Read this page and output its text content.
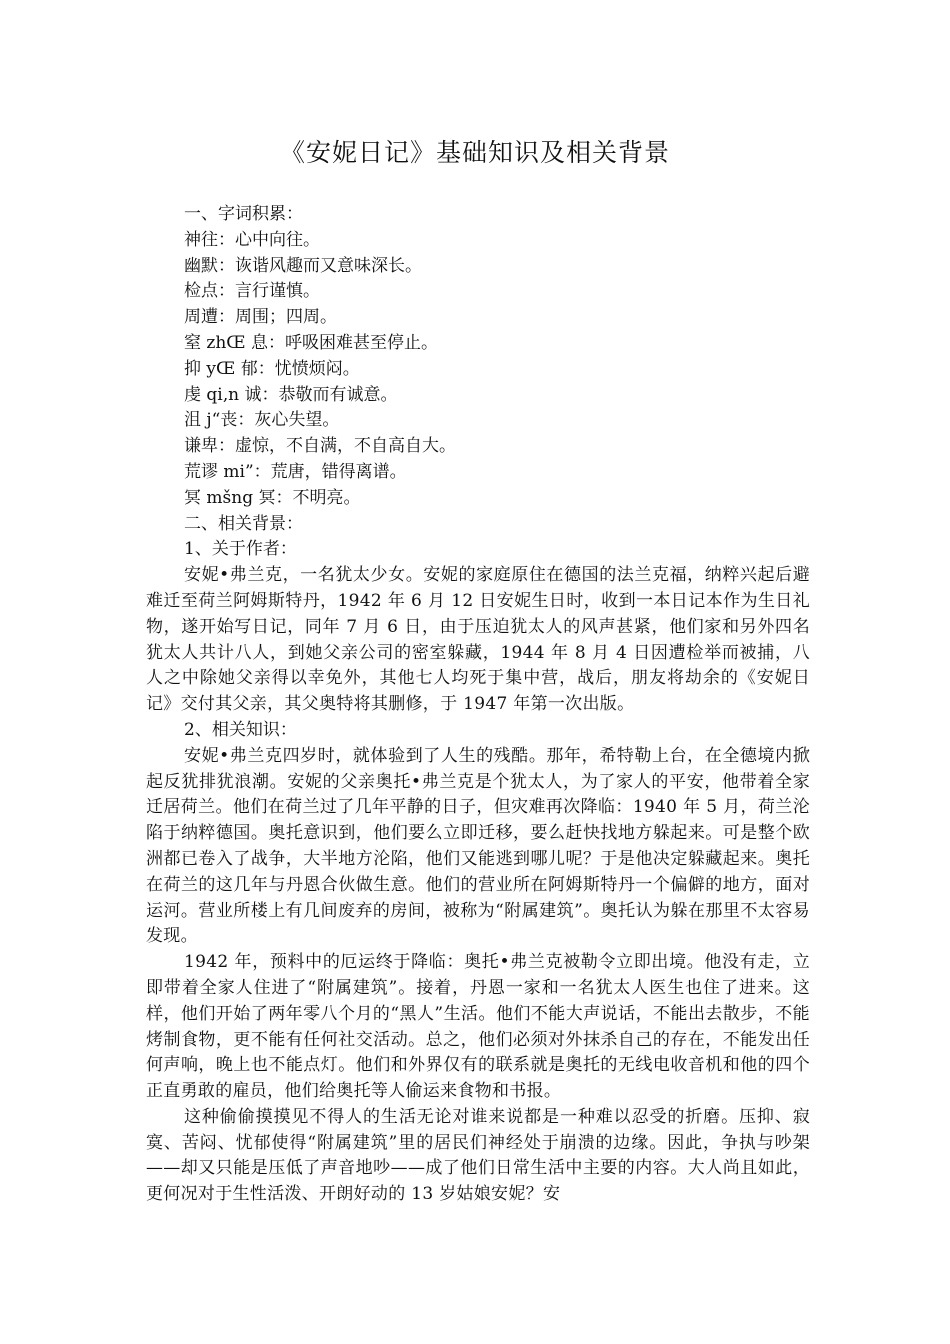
《安妮日记》基础知识及相关背景
一、字词积累：
神往：心中向往。
幽默：诙谐风趣而又意味深长。
检点：言行谨慎。
周遭：周围；四周。
窒 zhŒ 息：呼吸困难甚至停止。
抑 yŒ 郁：忧愤烦闷。
虔 qi‚n 诚：恭敬而有诚意。
沮 j“丧：灰心失望。
谦卑：虚惊，不自满，不自高自大。
荒谬 mi”：荒唐，错得离谱。
冥 mšng 冥：不明亮。
二、相关背景：
1、关于作者：

安妮•弗兰克，一名犹太少女。安妮的家庭原住在德国的法兰克福，纳粹兴起后避难迁至荷兰阿姆斯特丹，1942 年 6 月 12 日安妮生日时，收到一本日记本作为生日礼物，遂开始写日记，同年 7 月 6 日，由于压迫犹太人的风声甚紧，他们家和另外四名犹太人共计八人，到她父亲公司的密室躲藏，1944 年 8 月 4 日因遭检举而被捕，八人之中除她父亲得以幸免外，其他七人均死于集中营，战后，朋友将劫余的《安妮日记》交付其父亲，其父奥特将其删修，于 1947 年第一次出版。

2、相关知识：

安妮•弗兰克四岁时，就体验到了人生的残酷。那年，希特勒上台，在全德境内掀起反犹排犹浪潮。安妮的父亲奥托•弗兰克是个犹太人，为了家人的平安，他带着全家迁居荷兰。他们在荷兰过了几年平静的日子，但灾难再次降临：1940 年 5 月，荷兰沦陷于纳粹德国。奥托意识到，他们要么立即迁移，要么赶快找地方躲起来。可是整个欧洲都已卷入了战争，大半地方沦陷，他们又能逃到哪儿呢？于是他决定躲藏起来。奥托在荷兰的这几年与丹恩合伙做生意。他们的营业所在阿姆斯特丹一个偏僻的地方，面对运河。营业所楼上有几间废弃的房间，被称为“附属建筑”。奥托认为躲在那里不太容易发现。

1942 年，预料中的厄运终于降临：奥托•弗兰克被勒令立即出境。他没有走，立即带着全家人住进了“附属建筑”。接着，丹恩一家和一名犹太人医生也住了进来。这样，他们开始了两年零八个月的“黑人”生活。他们不能大声说话，不能出去散步，不能烤制食物，更不能有任何社交活动。总之，他们必须对外抹杀自己的存在，不能发出任何声响，晚上也不能点灯。他们和外界仅有的联系就是奥托的无线电收音机和他的四个正直勇敢的雇员，他们给奥托等人偷运来食物和书报。

这种偷偷摸摸见不得人的生活无论对谁来说都是一种难以忍受的折磨。压抑、寂寞、苦闷、忧郁使得“附属建筑”里的居民们神经处于崩溃的边缘。因此，争执与吵架——却又只能是压低了声音地吵——成了他们日常生活中主要的内容。大人尚且如此，更何况对于生性活泼、开朗好动的 13 岁姑娘安妮？安
